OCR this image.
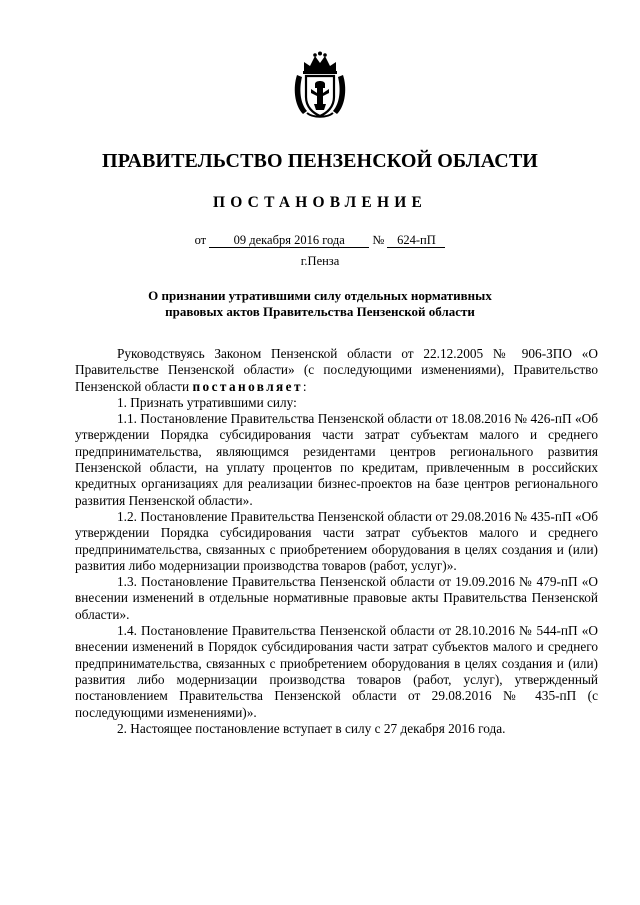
ПРАВИТЕЛЬСТВО ПЕНЗЕНСКОЙ ОБЛАСТИ
ПОСТАНОВЛЕНИЕ
от 09 декабря 2016 года № 624-пП
г.Пенза
О признании утратившими силу отдельных нормативных
правовых актов Правительства Пензенской области

Руководствуясь Законом Пензенской области от 22.12.2005 № 906-ЗПО «О Правительстве Пензенской области» (с последующими изменениями), Правительство Пензенской области постановляет:

1. Признать утратившими силу:

1.1. Постановление Правительства Пензенской области от 18.08.2016 № 426-пП «Об утверждении Порядка субсидирования части затрат субъектам малого и среднего предпринимательства, являющимся резидентами центров регионального развития Пензенской области, на уплату процентов по кредитам, привлеченным в российских кредитных организациях для реализации бизнес-проектов на базе центров регионального развития Пензенской области».

1.2. Постановление Правительства Пензенской области от 29.08.2016 № 435-пП «Об утверждении Порядка субсидирования части затрат субъектов малого и среднего предпринимательства, связанных с приобретением оборудования в целях создания и (или) развития либо модернизации производства товаров (работ, услуг)».

1.3. Постановление Правительства Пензенской области от 19.09.2016 № 479-пП «О внесении изменений в отдельные нормативные правовые акты Правительства Пензенской области».

1.4. Постановление Правительства Пензенской области от 28.10.2016 № 544-пП «О внесении изменений в Порядок субсидирования части затрат субъектов малого и среднего предпринимательства, связанных с приобретением оборудования в целях создания и (или) развития либо модернизации производства товаров (работ, услуг), утвержденный постановлением Правительства Пензенской области от 29.08.2016 № 435-пП (с последующими изменениями)».

2. Настоящее постановление вступает в силу с 27 декабря 2016 года.
